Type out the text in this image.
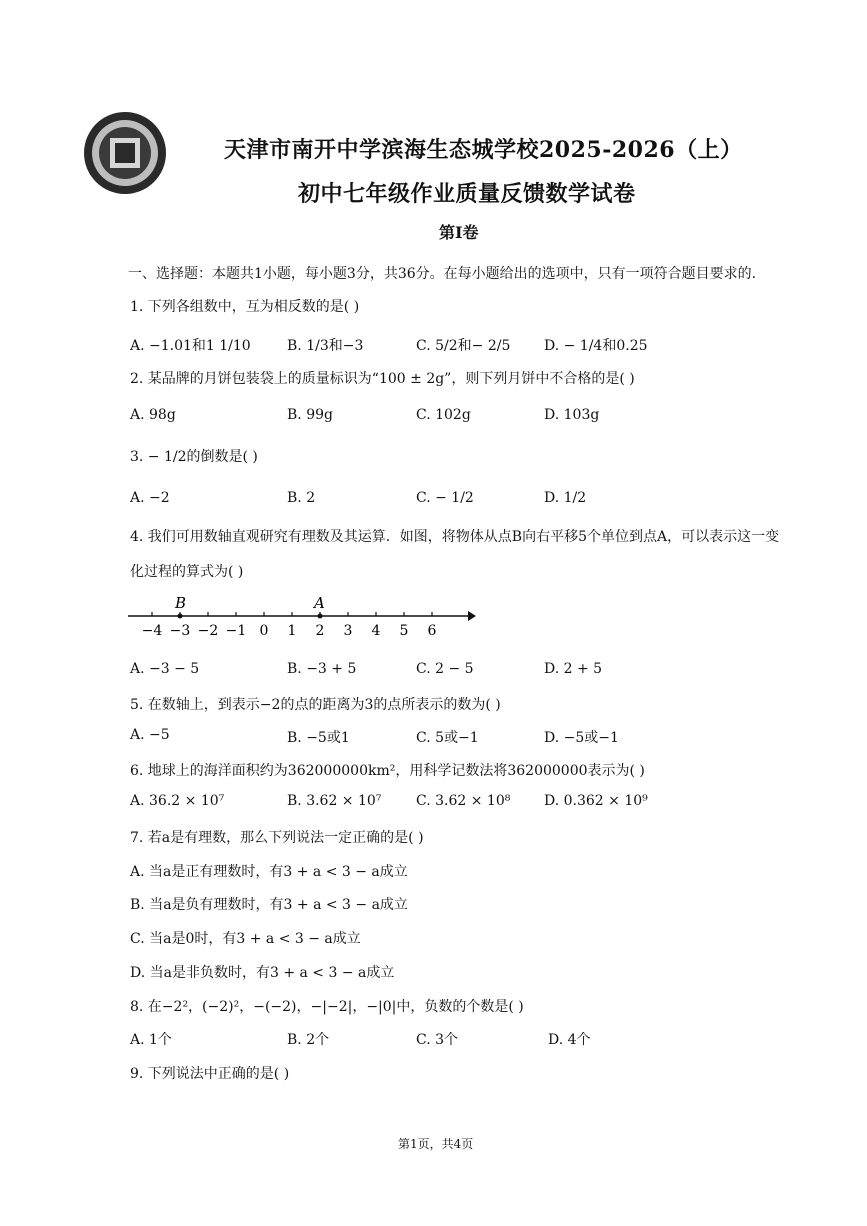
天津市南开中学滨海生态城学校2025-2026（上）
初中七年级作业质量反馈数学试卷
第I卷
一、选择题：本题共1小题，每小题3分，共36分。在每小题给出的选项中，只有一项符合题目要求的.
1. 下列各组数中，互为相反数的是( )
A. −1.01和1 1/10	B. 1/3和−3	C. 5/2和− 2/5 D. − 1/4和0.25
2. 某品牌的月饼包装袋上的质量标识为“100 ± 2g”，则下列月饼中不合格的是( )
A. 98g	B. 99g	C. 102g	D. 103g
3. − 1/2的倒数是( )
A. −2	B. 2	C. − 1/2	D. 1/2
4. 我们可用数轴直观研究有理数及其运算．如图，将物体从点B向右平移5个单位到点A，可以表示这一变
化过程的算式为( )
−4 −3 −2 −1 0 1 2 3 4 5 6
B	A
A. −3 − 5	B. −3 + 5	C. 2 − 5	D. 2 + 5
5. 在数轴上，到表示−2的点的距离为3的点所表示的数为( )
A. −5	B. −5或1	C. 5或−1	D. −5或−1
6. 地球上的海洋面积约为362000000km²，用科学记数法将362000000表示为( )
A. 36.2 × 10⁷	B. 3.62 × 10⁷ C. 3.62 × 10⁸ D. 0.362 × 10⁹
7. 若a是有理数，那么下列说法一定正确的是( )
A. 当a是正有理数时，有3 + a < 3 − a成立
B. 当a是负有理数时，有3 + a < 3 − a成立
C. 当a是0时，有3 + a < 3 − a成立
D. 当a是非负数时，有3 + a < 3 − a成立
8. 在−2²，(−2)²，−(−2)，−|−2|，−|0|中，负数的个数是( )
A. 1个	B. 2个	C. 3个	D. 4个
9. 下列说法中正确的是( )
第1页，共4页
